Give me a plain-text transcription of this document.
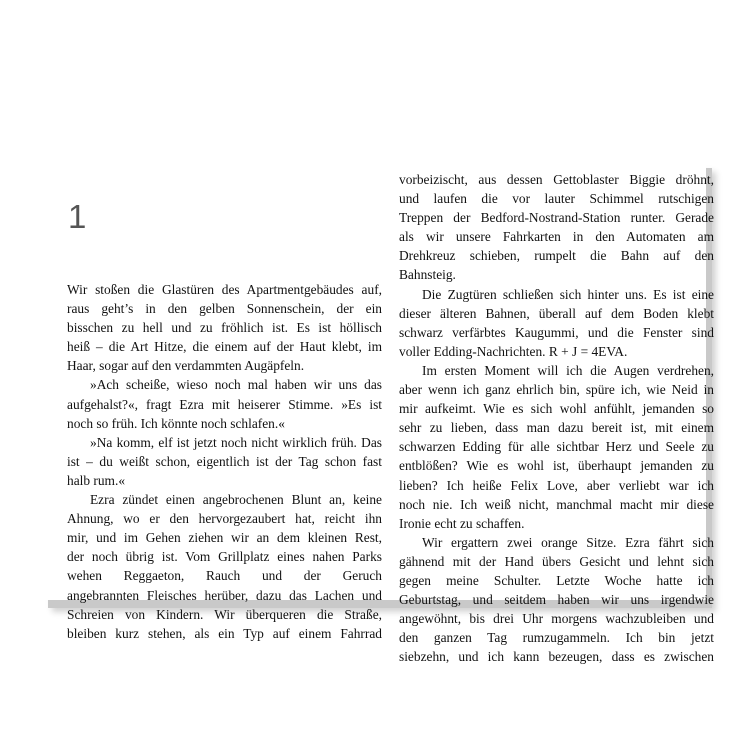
1
Wir stoßen die Glastüren des Apartmentgebäudes auf,
raus geht’s in den gelben Sonnenschein, der ein
bisschen zu hell und zu fröhlich ist. Es ist höllisch
heiß – die Art Hitze, die einem auf der Haut klebt, im
Haar, sogar auf den verdammten Augäpfeln.
»Ach scheiße, wieso noch mal haben wir uns das
aufgehalst?«, fragt Ezra mit heiserer Stimme. »Es ist
noch so früh. Ich könnte noch schlafen.«
»Na komm, elf ist jetzt noch nicht wirklich früh. Das
ist – du weißt schon, eigentlich ist der Tag schon fast
halb rum.«
Ezra zündet einen angebrochenen Blunt an, keine
Ahnung, wo er den hervorgezaubert hat, reicht ihn
mir, und im Gehen ziehen wir an dem kleinen Rest,
der noch übrig ist. Vom Grillplatz eines nahen Parks
wehen Reggaeton, Rauch und der Geruch
angebrannten Fleisches herüber, dazu das Lachen und
Schreien von Kindern. Wir überqueren die Straße,
bleiben kurz stehen, als ein Typ auf einem Fahrrad
vorbeizischt, aus dessen Gettoblaster Biggie dröhnt,
und laufen die vor lauter Schimmel rutschigen
Treppen der Bedford-Nostrand-Station runter. Gerade
als wir unsere Fahrkarten in den Automaten am
Drehkreuz schieben, rumpelt die Bahn auf den
Bahnsteig.
Die Zugtüren schließen sich hinter uns. Es ist eine
dieser älteren Bahnen, überall auf dem Boden klebt
schwarz verfärbtes Kaugummi, und die Fenster sind
voller Edding-Nachrichten. R + J = 4EVA.
Im ersten Moment will ich die Augen verdrehen,
aber wenn ich ganz ehrlich bin, spüre ich, wie Neid in
mir aufkeimt. Wie es sich wohl anfühlt, jemanden so
sehr zu lieben, dass man dazu bereit ist, mit einem
schwarzen Edding für alle sichtbar Herz und Seele zu
entblößen? Wie es wohl ist, überhaupt jemanden zu
lieben? Ich heiße Felix Love, aber verliebt war ich
noch nie. Ich weiß nicht, manchmal macht mir diese
Ironie echt zu schaffen.
Wir ergattern zwei orange Sitze. Ezra fährt sich
gähnend mit der Hand übers Gesicht und lehnt sich
gegen meine Schulter. Letzte Woche hatte ich
Geburtstag, und seitdem haben wir uns irgendwie
angewöhnt, bis drei Uhr morgens wachzubleiben und
den ganzen Tag rumzugammeln. Ich bin jetzt
siebzehn, und ich kann bezeugen, dass es zwischen
